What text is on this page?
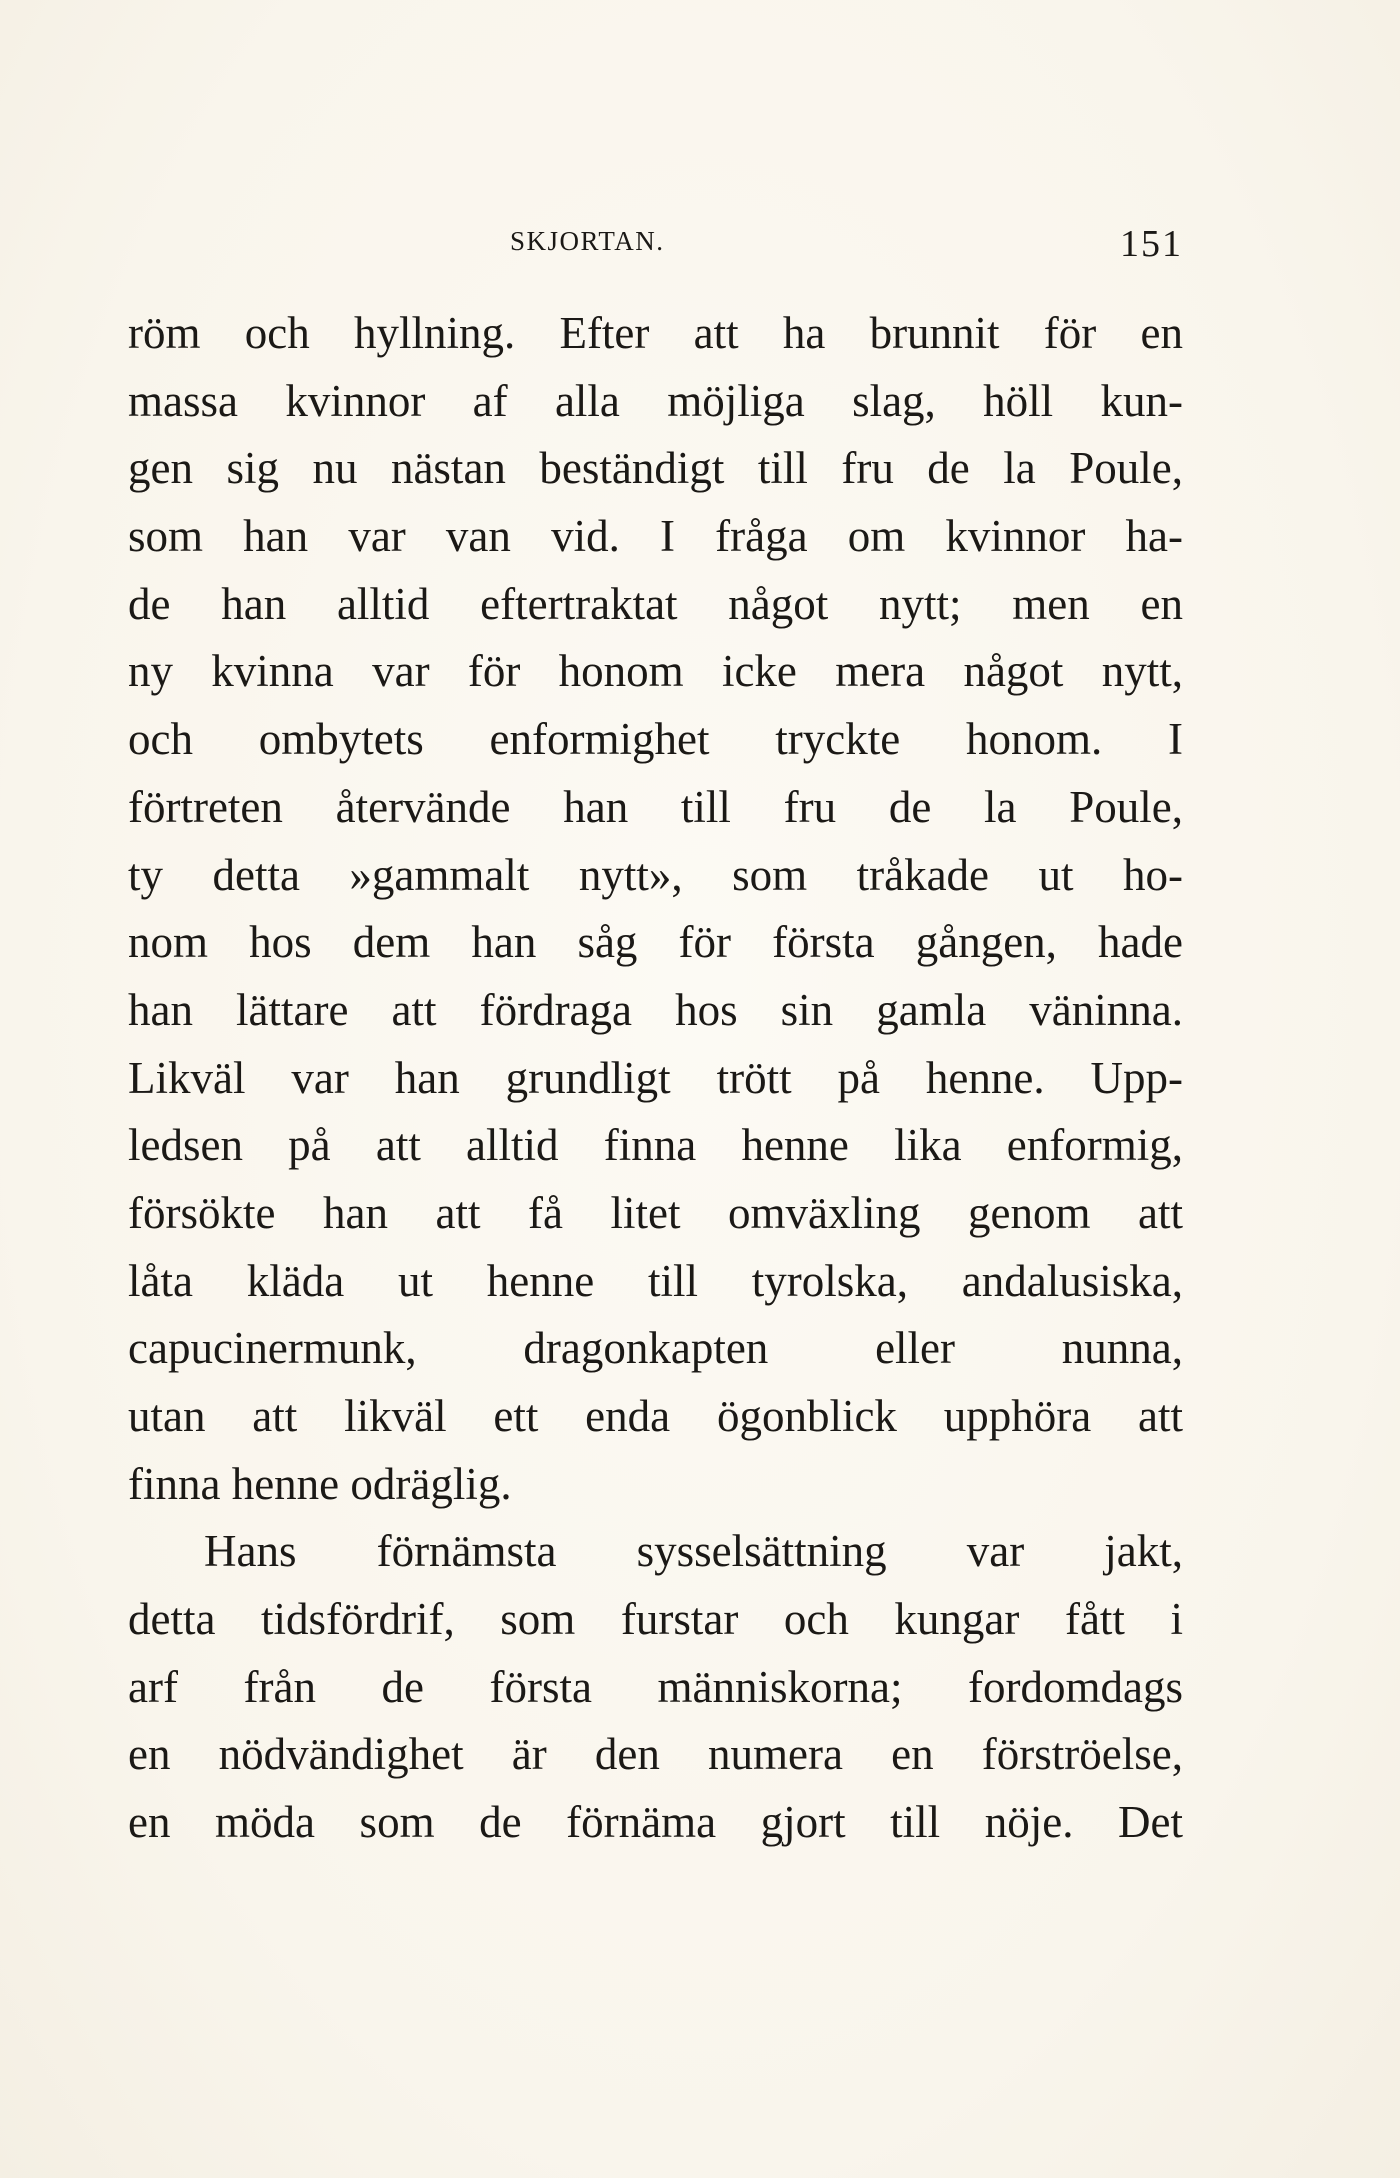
SKJORTAN.	151
röm och hyllning. Efter att ha brunnit för en
massa kvinnor af alla möjliga slag, höll kun-
gen sig nu nästan beständigt till fru de la Poule,
som han var van vid. I fråga om kvinnor ha-
de han alltid eftertraktat något nytt; men en
ny kvinna var för honom icke mera något nytt,
och ombytets enformighet tryckte honom. I
förtreten återvände han till fru de la Poule,
ty detta »gammalt nytt», som tråkade ut ho-
nom hos dem han såg för första gången, hade
han lättare att fördraga hos sin gamla väninna.
Likväl var han grundligt trött på henne. Upp-
ledsen på att alltid finna henne lika enformig,
försökte han att få litet omväxling genom att
låta kläda ut henne till tyrolska, andalusiska,
capucinermunk, dragonkapten eller nunna,
utan att likväl ett enda ögonblick upphöra att
finna henne odräglig.
Hans förnämsta sysselsättning var jakt,
detta tidsfördrif, som furstar och kungar fått i
arf från de första människorna; fordomdags
en nödvändighet är den numera en förströelse,
en möda som de förnäma gjort till nöje. Det
